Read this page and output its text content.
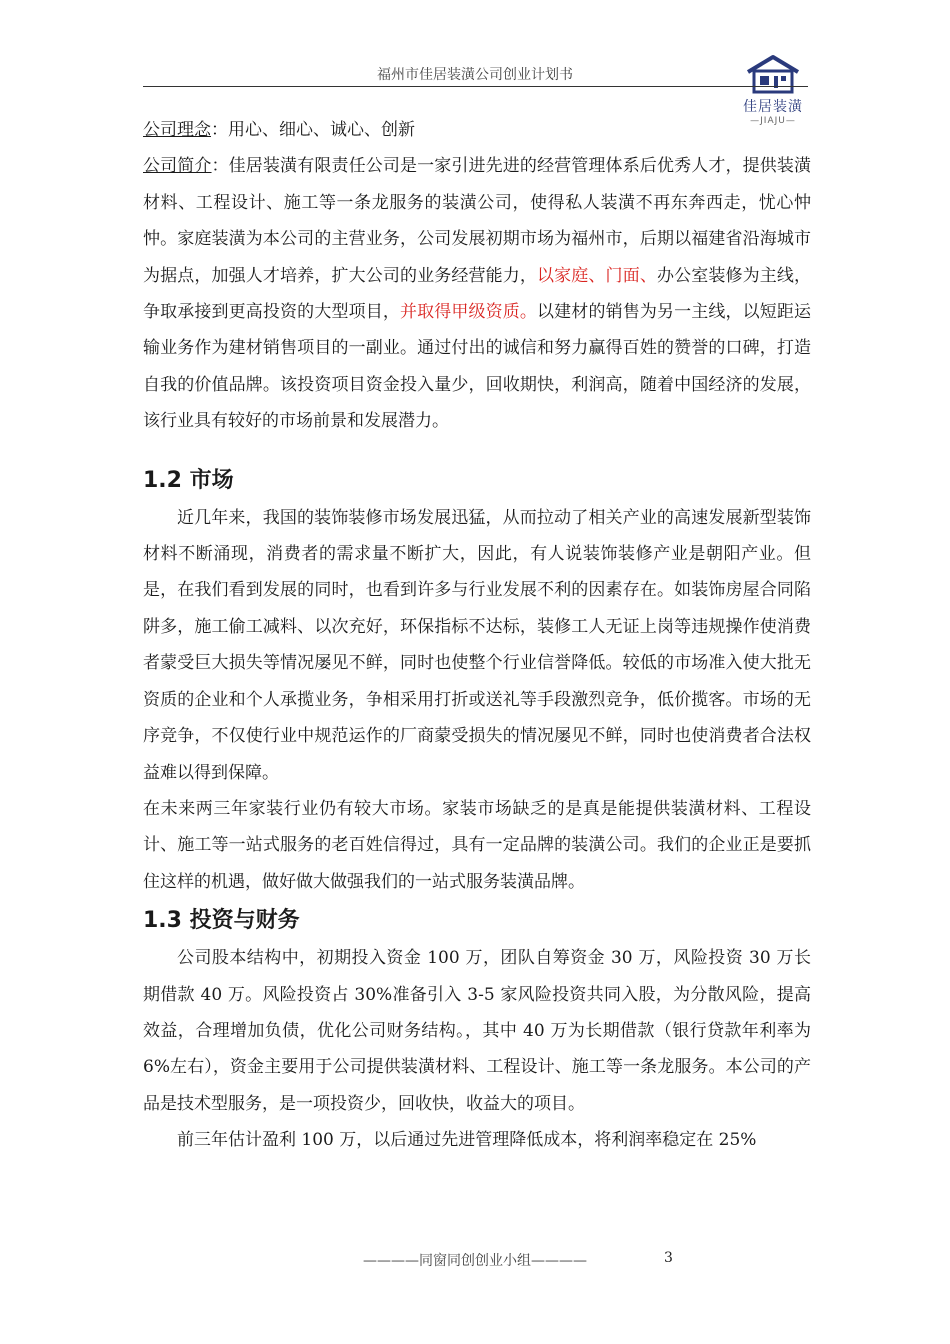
福州市佳居装潢公司创业计划书
佳居装潢
—JIAJU—

公司理念：用心、细心、诚心、创新

公司简介：佳居装潢有限责任公司是一家引进先进的经营管理体系后优秀人才，提供装潢材料、工程设计、施工等一条龙服务的装潢公司，使得私人装潢不再东奔西走，忧心忡忡。家庭装潢为本公司的主营业务，公司发展初期市场为福州市，后期以福建省沿海城市为据点，加强人才培养，扩大公司的业务经营能力，以家庭、门面、办公室装修为主线，争取承接到更高投资的大型项目，并取得甲级资质。以建材的销售为另一主线，以短距运输业务作为建材销售项目的一副业。通过付出的诚信和努力赢得百姓的赞誉的口碑，打造自我的价值品牌。该投资项目资金投入量少，回收期快，利润高，随着中国经济的发展，该行业具有较好的市场前景和发展潜力。

1.2 市场

近几年来，我国的装饰装修市场发展迅猛，从而拉动了相关产业的高速发展新型装饰材料不断涌现，消费者的需求量不断扩大，因此，有人说装饰装修产业是朝阳产业。但是，在我们看到发展的同时，也看到许多与行业发展不利的因素存在。如装饰房屋合同陷阱多，施工偷工减料、以次充好，环保指标不达标，装修工人无证上岗等违规操作使消费者蒙受巨大损失等情况屡见不鲜，同时也使整个行业信誉降低。较低的市场准入使大批无资质的企业和个人承揽业务，争相采用打折或送礼等手段激烈竞争，低价揽客。市场的无序竞争，不仅使行业中规范运作的厂商蒙受损失的情况屡见不鲜，同时也使消费者合法权益难以得到保障。

在未来两三年家装行业仍有较大市场。家装市场缺乏的是真是能提供装潢材料、工程设计、施工等一站式服务的老百姓信得过，具有一定品牌的装潢公司。我们的企业正是要抓住这样的机遇，做好做大做强我们的一站式服务装潢品牌。

1.3 投资与财务

公司股本结构中，初期投入资金 100 万，团队自筹资金 30 万，风险投资 30 万长期借款 40 万。风险投资占 30%准备引入 3-5 家风险投资共同入股，为分散风险，提高效益，合理增加负债，优化公司财务结构。，其中 40 万为长期借款（银行贷款年利率为 6%左右），资金主要用于公司提供装潢材料、工程设计、施工等一条龙服务。本公司的产品是技术型服务，是一项投资少，回收快，收益大的项目。

前三年估计盈利 100 万，以后通过先进管理降低成本，将利润率稳定在 25%

————同窗同创创业小组————	3
